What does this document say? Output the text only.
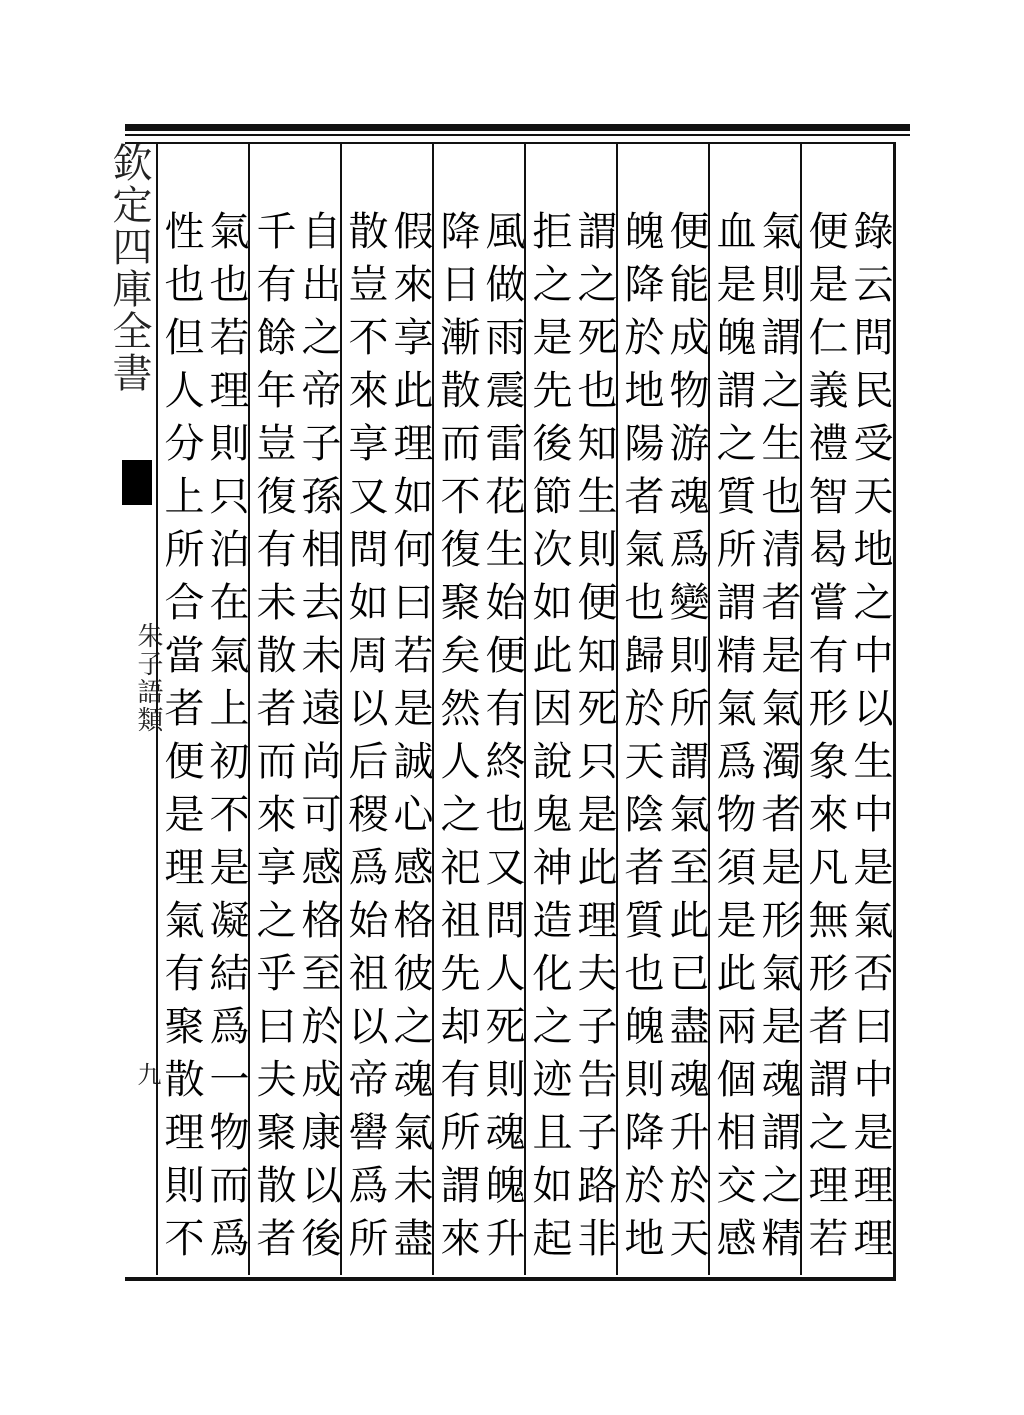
欽定四庫全書
朱子語類
九	錄云問民受天地之中以生中是氣否曰中是理理
便是仁義禮智曷嘗有形象來凡無形者謂之理若
氣則謂之生也清者是氣濁者是形氣是魂謂之精
血是魄謂之質所謂精氣爲物須是此兩個相交感
便能成物游魂爲變則所謂氣至此已盡魂升於天
魄降於地陽者氣也歸於天陰者質也魄則降於地
謂之死也知生則便知死只是此理夫子告子路非
拒之是先後節次如此因說鬼神造化之迹且如起
風做雨震雷花生始便有終也又問人死則魂魄升
降日漸散而不復聚矣然人之祀祖先却有所謂來
假來享此理如何曰若是誠心感格彼之魂氣未盡
散豈不來享又問如周以后稷爲始祖以帝嚳爲所
自出之帝子孫相去未遠尚可感格至於成康以後
千有餘年豈復有未散者而來享之乎曰夫聚散者
氣也若理則只泊在氣上初不是凝結爲一物而爲
性也但人分上所合當者便是理氣有聚散理則不
